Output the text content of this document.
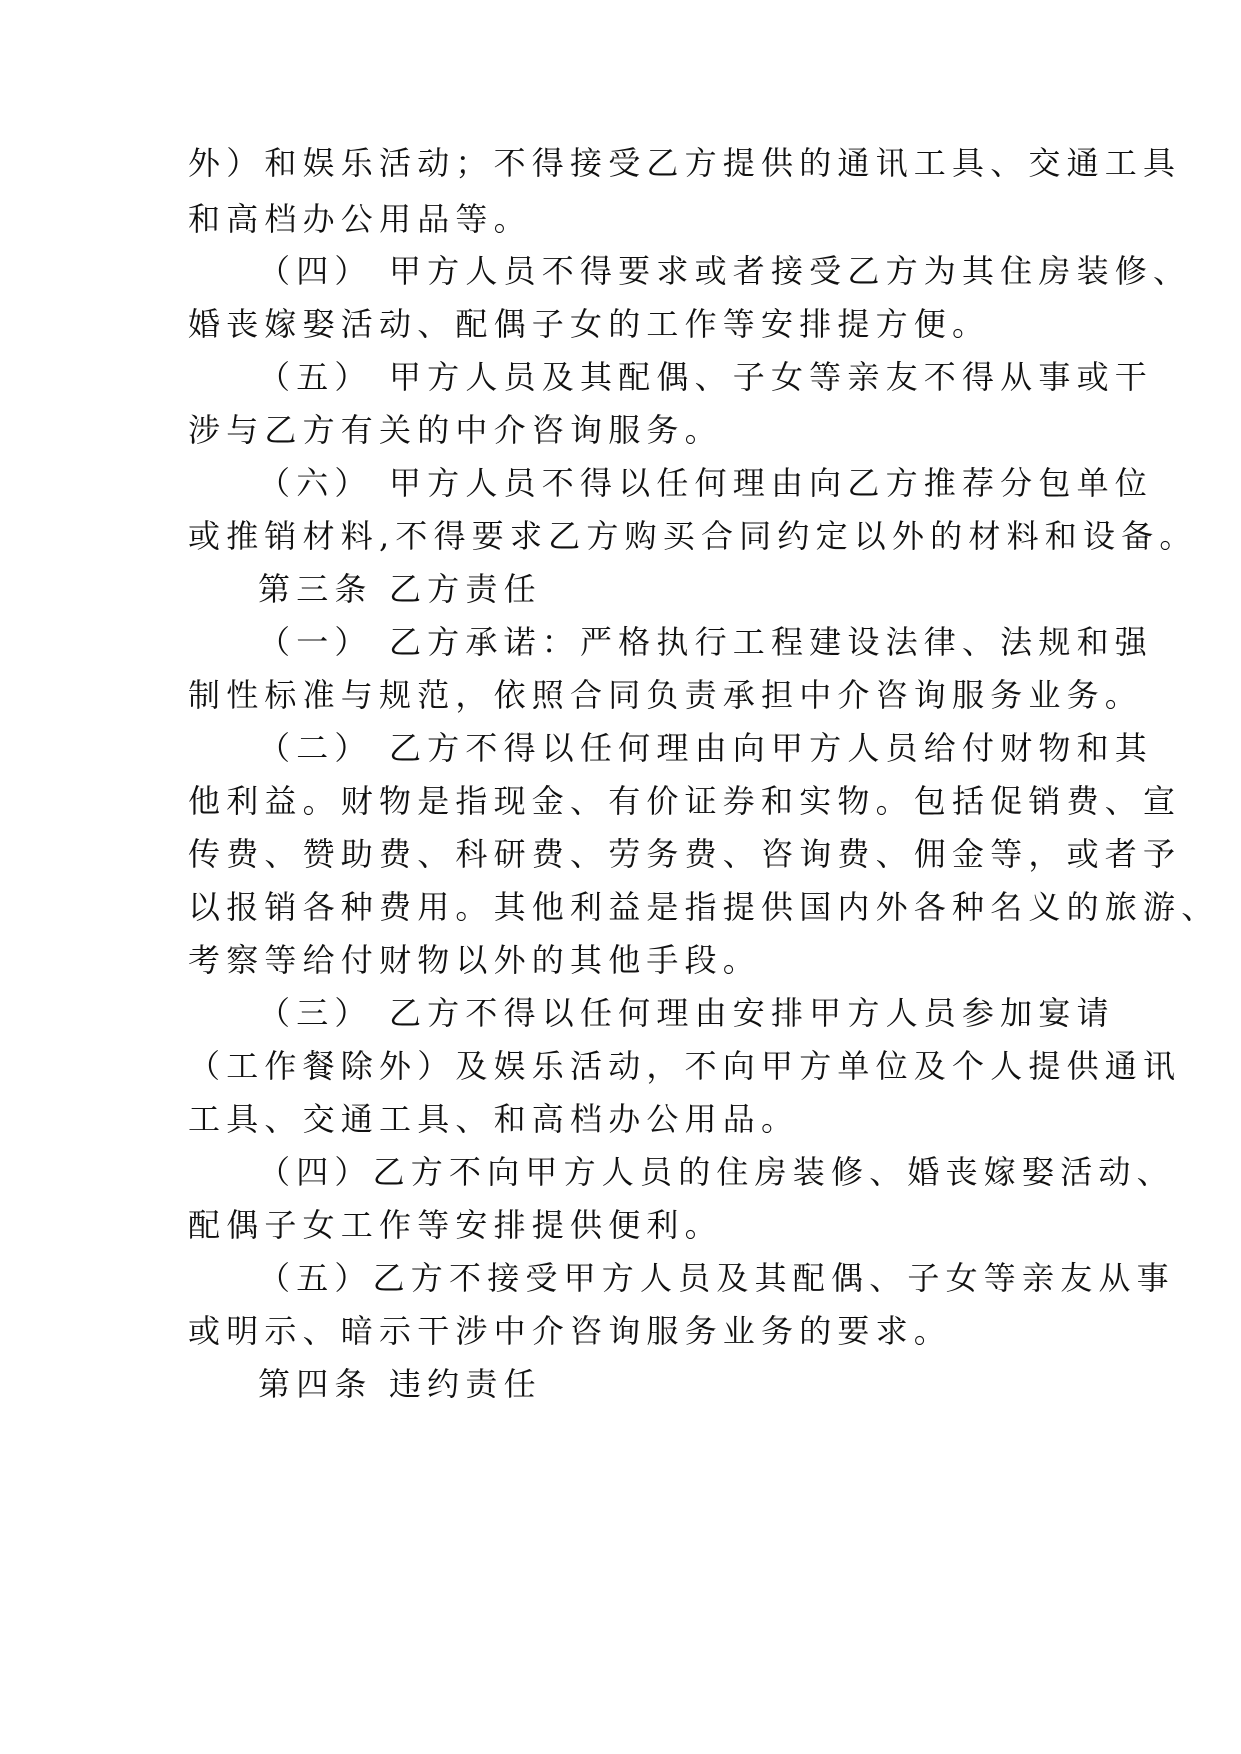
外）和娱乐活动；不得接受乙方提供的通讯工具、交通工具
和高档办公用品等。
（四） 甲方人员不得要求或者接受乙方为其住房装修、
婚丧嫁娶活动、配偶子女的工作等安排提方便。
（五） 甲方人员及其配偶、子女等亲友不得从事或干
涉与乙方有关的中介咨询服务。
（六） 甲方人员不得以任何理由向乙方推荐分包单位
或推销材料,不得要求乙方购买合同约定以外的材料和设备。
第三条 乙方责任
（一） 乙方承诺：严格执行工程建设法律、法规和强
制性标准与规范，依照合同负责承担中介咨询服务业务。
（二） 乙方不得以任何理由向甲方人员给付财物和其
他利益。财物是指现金、有价证券和实物。包括促销费、宣
传费、赞助费、科研费、劳务费、咨询费、佣金等，或者予
以报销各种费用。其他利益是指提供国内外各种名义的旅游、
考察等给付财物以外的其他手段。
（三） 乙方不得以任何理由安排甲方人员参加宴请
（工作餐除外）及娱乐活动，不向甲方单位及个人提供通讯
工具、交通工具、和高档办公用品。
（四）乙方不向甲方人员的住房装修、婚丧嫁娶活动、
配偶子女工作等安排提供便利。
（五）乙方不接受甲方人员及其配偶、子女等亲友从事
或明示、暗示干涉中介咨询服务业务的要求。
第四条 违约责任
